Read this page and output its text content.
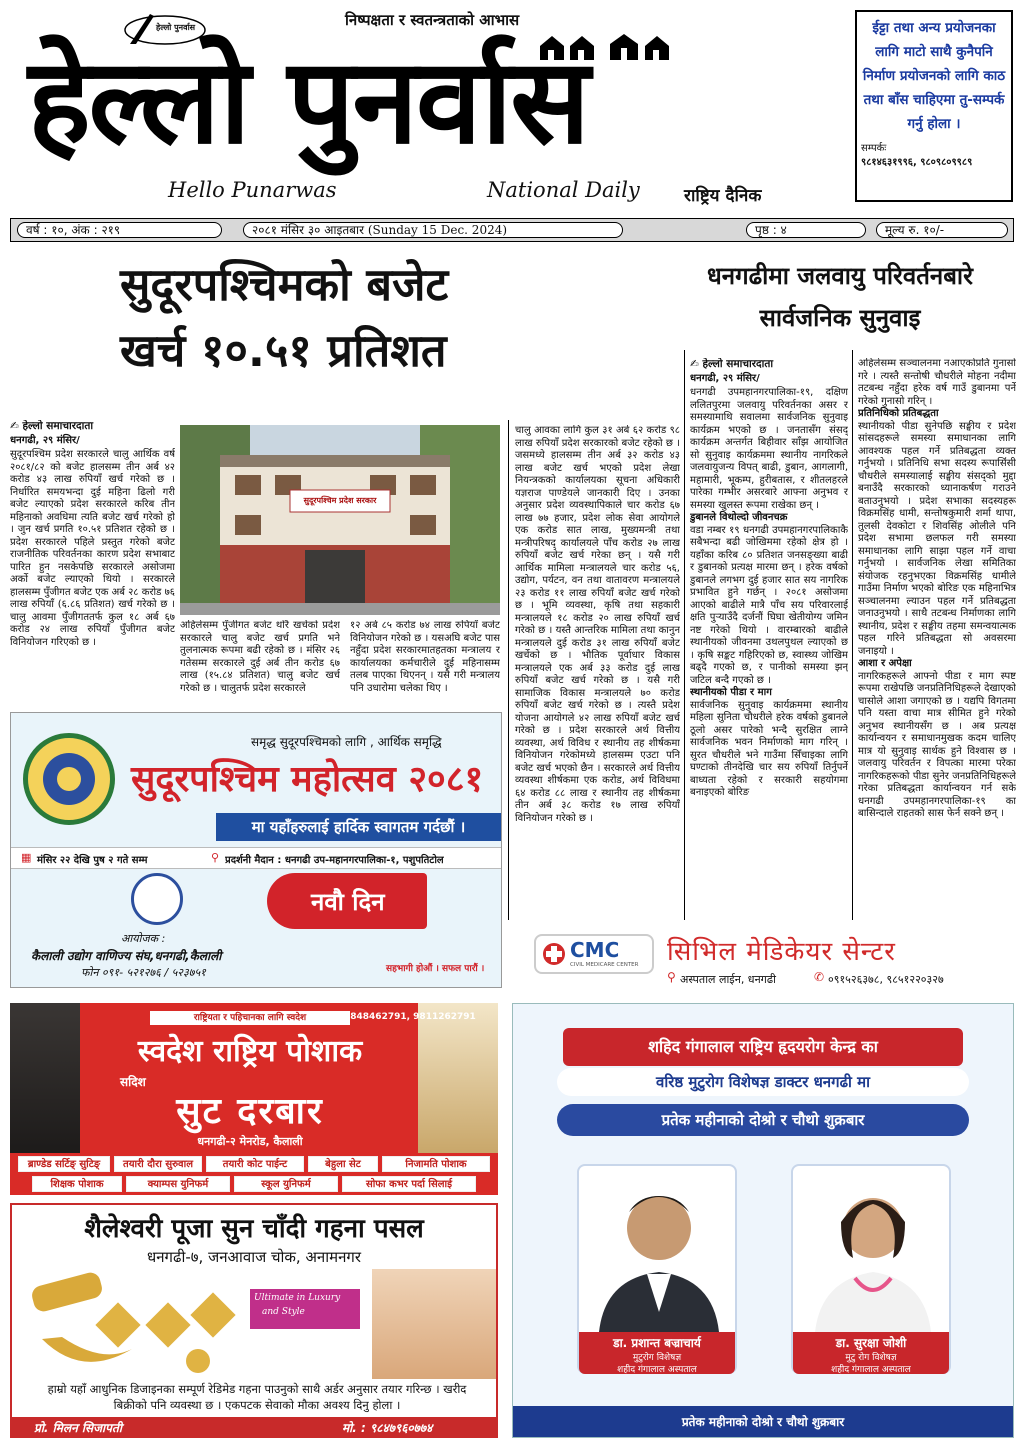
निष्पक्षता र स्वतन्त्रताको आभास
हेल्लो पुनर्वास
हेल्लो पुनर्वास
Hello Punarwas	National Daily	राष्ट्रिय दैनिक
ईट्टा तथा अन्य प्रयोजनका लागि माटो साथै कुनैपनि निर्माण प्रयोजनको लागि काठ तथा बाँस चाहिएमा तु-सम्पर्क गर्नु होला ।
सम्पर्कः
९८१४६३१९९६, ९८०९८०९९८९
वर्ष : १०, अंक : २१९	२०८१ मंसिर ३० आइतबार (Sunday 15 Dec. 2024)	पृष्ठ : ४	मूल्य रु. १०/-
सुदूरपश्चिमको बजेट
खर्च १०.५१ प्रतिशत
✍ हेल्लो समाचारदाता
धनगढी, २९ मंसिर/
सुदूरपश्चिम प्रदेश सरकारले चालु आर्थिक वर्ष २०८१/८२ को बजेट हालसम्म तीन अर्ब ४२ करोड ४३ लाख रुपियाँ खर्च गरेको छ । निर्धारित समयभन्दा दुई महिना ढिलो गरी बजेट ल्याएको प्रदेश सरकारले करिब तीन महिनाको अवधिमा त्यति बजेट खर्च गरेको हो । जुन खर्च प्रगति १०.५१ प्रतिशत रहेको छ । प्रदेश सरकारले पहिले प्रस्तुत गरेको बजेट राजनीतिक परिवर्तनका कारण प्रदेश सभाबाट पारित हुन नसकेपछि सरकारले असोजमा अर्को बजेट ल्याएको थियो । सरकारले हालसम्म पुँजीगत बजेट एक अर्ब २८ करोड ७६ लाख रुपियाँ (६.८६ प्रतिशत) खर्च गरेको छ । चालु आवमा पुँजीगततर्फ कुल १८ अर्ब ६७ करोड २४ लाख रुपियाँ पुँजीगत बजेट विनियोजन गरिएको छ ।
सुदूरपश्चिम प्रदेश सरकार
अहिलेसम्म पुँजीगत बजेट थोरै खर्चेको प्रदेश सरकारले चालु बजेट खर्च प्रगति भने तुलनात्मक रूपमा बढी रहेको छ । मंसिर २६ गतेसम्म सरकारले दुई अर्ब तीन करोड ६७ लाख (१५.८४ प्रतिशत) चालु बजेट खर्च गरेको छ । चालुतर्फ प्रदेश सरकारले
१२ अर्ब ८५ करोड ७४ लाख रुपियाँ बजेट विनियोजन गरेको छ । यसअघि बजेट पास नहुँदा प्रदेश सरकारमातहतका मन्त्रालय र कार्यालयका कर्मचारीले दुई महिनासम्म तलब पाएका थिएनन् । यसै गरी मन्त्रालय पनि उधारोमा चलेका थिए ।
चालु आवका लागि कुल ३१ अर्ब ६२ करोड ९८ लाख रुपियाँ प्रदेश सरकारको बजेट रहेको छ । जसमध्ये हालसम्म तीन अर्ब ३२ करोड ४३ लाख बजेट खर्च भएको प्रदेश लेखा नियन्त्रकको कार्यालयका सूचना अधिकारी यज्ञराज पाण्डेयले जानकारी दिए । उनका अनुसार प्रदेश व्यवस्थापिकाले चार करोड ६७ लाख ७७ हजार, प्रदेश लोक सेवा आयोगले एक करोड सात लाख, मुख्यमन्त्री तथा मन्त्रीपरिषद् कार्यालयले पाँच करोड २७ लाख रुपियाँ बजेट खर्च गरेका छन् । यसै गरी आर्थिक मामिला मन्त्रालयले चार करोड ५६, उद्योग, पर्यटन, वन तथा वातावरण मन्त्रालयले २३ करोड ११ लाख रुपियाँ बजेट खर्च गरेको छ । भूमि व्यवस्था, कृषि तथा सहकारी मन्त्रालयले १८ करोड २० लाख रुपियाँ खर्च गरेको छ । यस्तै आन्तरिक मामिला तथा कानुन मन्त्रालयले दुई करोड ३१ लाख रुपियाँ बजेट खर्चेको छ । भौतिक पूर्वाधार विकास मन्त्रालयले एक अर्ब ३३ करोड दुई लाख रुपियाँ बजेट खर्च गरेको छ । यसै गरी सामाजिक विकास मन्त्रालयले ७० करोड रुपियाँ बजेट खर्च गरेको छ । त्यस्तै प्रदेश योजना आयोगले ४२ लाख रुपियाँ बजेट खर्च गरेको छ । प्रदेश सरकारले अर्थ वित्तीय व्यवस्था, अर्थ विविध र स्थानीय तह शीर्षकमा विनियोजन गरेकोमध्ये हालसम्म एउटा पनि बजेट खर्च भएको छैन । सरकारले अर्थ वित्तीय व्यवस्था शीर्षकमा एक करोड, अर्थ विविधमा ६४ करोड ८८ लाख र स्थानीय तह शीर्षकमा तीन अर्ब ३८ करोड १७ लाख रुपियाँ विनियोजन गरेको छ ।
धनगढीमा जलवायु परिवर्तनबारे सार्वजनिक सुनुवाइ
✍ हेल्लो समाचारदाता
धनगढी, २९ मंसिर/
धनगढी उपमहानगरपालिका-१९, दक्षिण ललितपुरमा जलवायु परिवर्तनका असर र समस्यामाथि सवालमा सार्वजनिक सुनुवाइ कार्यक्रम भएको छ । जनतासँग संसद् कार्यक्रम अन्तर्गत बिहीवार साँझ आयोजित सो सुनुवाइ कार्यक्रममा स्थानीय नागरिकले जलवायुजन्य विपत् बाढी, डुबान, आगलागी, महामारी, भूकम्प, हुरीबतास, र शीतलहरले पारेका गम्भीर असरबारे आफ्ना अनुभव र समस्या खुलस्त रूपमा राखेका छन् ।
डुबानले विथोल्दो जीवनचक्र
वडा नम्बर १९ धनगढी उपमहानगरपालिकाकै सबैभन्दा बढी जोखिममा रहेको क्षेत्र हो । यहाँका करिब ८० प्रतिशत जनसङ्ख्या बाढी र डुबानको प्रत्यक्ष मारमा छन् । हरेक वर्षको डुबानले लगभग दुई हजार सात सय नागरिक प्रभावित हुने गर्छन् । २०८१ असोजमा आएको बाढीले मात्रै पाँच सय परिवारलाई क्षति पुऱ्याउँदै दर्जनौं घिघा खेतीयोग्य जमिन नष्ट गरेको थियो । वारम्बारको बाढीले स्थानीयको जीवनमा उथलपुथल ल्याएको छ । कृषि सङ्कट गहिरिएको छ, स्वास्थ्य जोखिम बढ्दै गएको छ, र पानीको समस्या झन् जटिल बन्दै गएको छ ।
स्थानीयको पीडा र माग
सार्वजनिक सुनुवाइ कार्यक्रममा स्थानीय महिला सुनिता चौधरीले हरेक वर्षको डुबानले ठूलो असर पारेको भन्दै सुरक्षित लाग्ने सार्वजनिक भवन निर्माणको माग गरिन् । सुरत चौधरीले भने गाउँमा सिँचाइका लागि घण्टाको तीनदेखि चार सय रुपियाँ तिर्नुपर्ने बाध्यता रहेको र सरकारी सहयोगमा बनाइएको बोरिङ
अहिलेसम्म सञ्चालनमा नआएकोप्रति गुनासो गरे । त्यस्तै सन्तोषी चौधरीले मोहना नदीमा तटबन्ध नहुँदा हरेक वर्ष गाउँ डुबानमा पर्ने गरेको गुनासो गरिन् ।
प्रतिनिधिको प्रतिबद्धता
स्थानीयको पीडा सुनेपछि सङ्घीय र प्रदेश सांसदहरूले समस्या समाधानका लागि आवश्यक पहल गर्ने प्रतिबद्धता व्यक्त गर्नुभयो । प्रतिनिधि सभा सदस्य रूपासिंंसी चौधरीले समस्यालाई सङ्घीय संसद्को मुद्दा बनाउँदै सरकारको ध्यानाकर्षण गराउने बताउनुभयो । प्रदेश सभाका सदस्यहरू विक्रमसिंह धामी, सन्तोषकुमारी शर्मा थापा, तुलसी देवकोटा र शिवसिंह ओलीले पनि प्रदेश सभामा छलफल गरी समस्या समाधानका लागि साझा पहल गर्ने वाचा गर्नुभयो । सार्वजनिक लेखा समितिका संयोजक रहनुभएका विक्रमसिंह धामीले गाउँमा निर्माण भएको बोरिङ एक महिनाभित्र सञ्चालनमा ल्याउन पहल गर्ने प्रतिबद्धता जनाउनुभयो । साथै तटबन्ध निर्माणका लागि स्थानीय, प्रदेश र सङ्घीय तहमा समन्वयात्मक पहल गरिने प्रतिबद्धता सो अवसरमा जनाइयो ।
आशा र अपेक्षा
नागरिकहरूले आफ्नो पीडा र माग स्पष्ट रूपमा राखेपछि जनप्रतिनिधिहरूले देखाएको चासोले आशा जगाएको छ । यद्यपि विगतमा पनि यस्ता वाचा मात्र सीमित हुने गरेको अनुभव स्थानीयसँग छ । अब प्रत्यक्ष कार्यान्वयन र समाधानमुखक कदम चालिए मात्र यो सुनुवाइ सार्थक हुने विश्वास छ । जलवायु परिवर्तन र विपत्का मारमा परेका नागरिकहरूको पीडा सुनेर जनप्रतिनिधिहरूले गरेका प्रतिबद्धता कार्यान्वयन गर्न सके धनगढी उपमहानगरपालिका-१९ का बासिन्दाले राहतको सास फेर्न सक्ने छन् ।
समृद्ध सुदूरपश्चिमको लागि , आर्थिक समृद्धि
सुदूरपश्चिम महोत्सव २०८१
मा यहाँहरुलाई हार्दिक स्वागतम गर्दछौं ।
▦ मंसिर २२ देखि पुष २ गते सम्म	⚲ प्रदर्शनी मैदान : धनगढी उप-महानगरपालिका-१, पशुपतिटोल
आयोजक :
कैलाली उद्योग वाणिज्य संघ,धनगढी,कैलाली
फोन ०९१- ५२१२७६ / ५२३७५१
नवौ दिन
सहभागी होऔं । सफल पारौं ।
CMC
CIVIL MEDICARE CENTER सिभिल मेडिकेयर सेन्टर
⚲ अस्पताल लाईन, धनगढी	✆ ०९१५२६३७८, ९८५१२२०३२७
राष्ट्रियता र पहिचानका लागि स्वदेश	✆ 9848462791, 9811262791
स्वदेश राष्ट्रिय पोशाक
सदिश
सुट दरबार
धनगढी-२ मेनरोड, कैलाली
ब्राण्डेड सर्टिङ् सुटिङ्	तयारी दौरा सुरुवाल	तयारी कोट पाईन्ट	बेहुला सेट	निजामति पोशाक
शिक्षक पोशाक	क्याम्पस युनिफर्म	स्कूल युनिफर्म	सोफा कभर पर्दा सिलाई
शैलेश्वरी पूजा सुन चाँदी गहना पसल
धनगढी-७, जनआवाज चोक, अनामनगर
Ultimate in Luxury
and Style
हाम्रो यहाँ आधुनिक डिजाइनका सम्पूर्ण रेडिमेड गहना पाउनुको साथै अर्डर अनुसार तयार गरिन्छ । खरीद बिक्रीको पनि व्यवस्था छ । एकपटक सेवाको मौका अवश्य दिनु होला ।
प्रो. मिलन सिजापती	मो. : ९८४७९६०७७४
शहिद गंगालाल राष्ट्रिय हृदयरोग केन्द्र का
वरिष्ठ मुटुरोग विशेषज्ञ डाक्टर धनगढी मा
प्रतेक महीनाको दोश्रो र चौथो शुक्रबार
डा. प्रशान्त बज्राचार्य
मुटुरोग विशेषज्ञ
शहीद गंगालाल अस्पताल
डा. सुरक्षा जोशी
मुटु रोग विशेषज्ञ
शहीद गंगालाल अस्पताल
प्रतेक महीनाको दोश्रो र चौथो शुक्रबार
